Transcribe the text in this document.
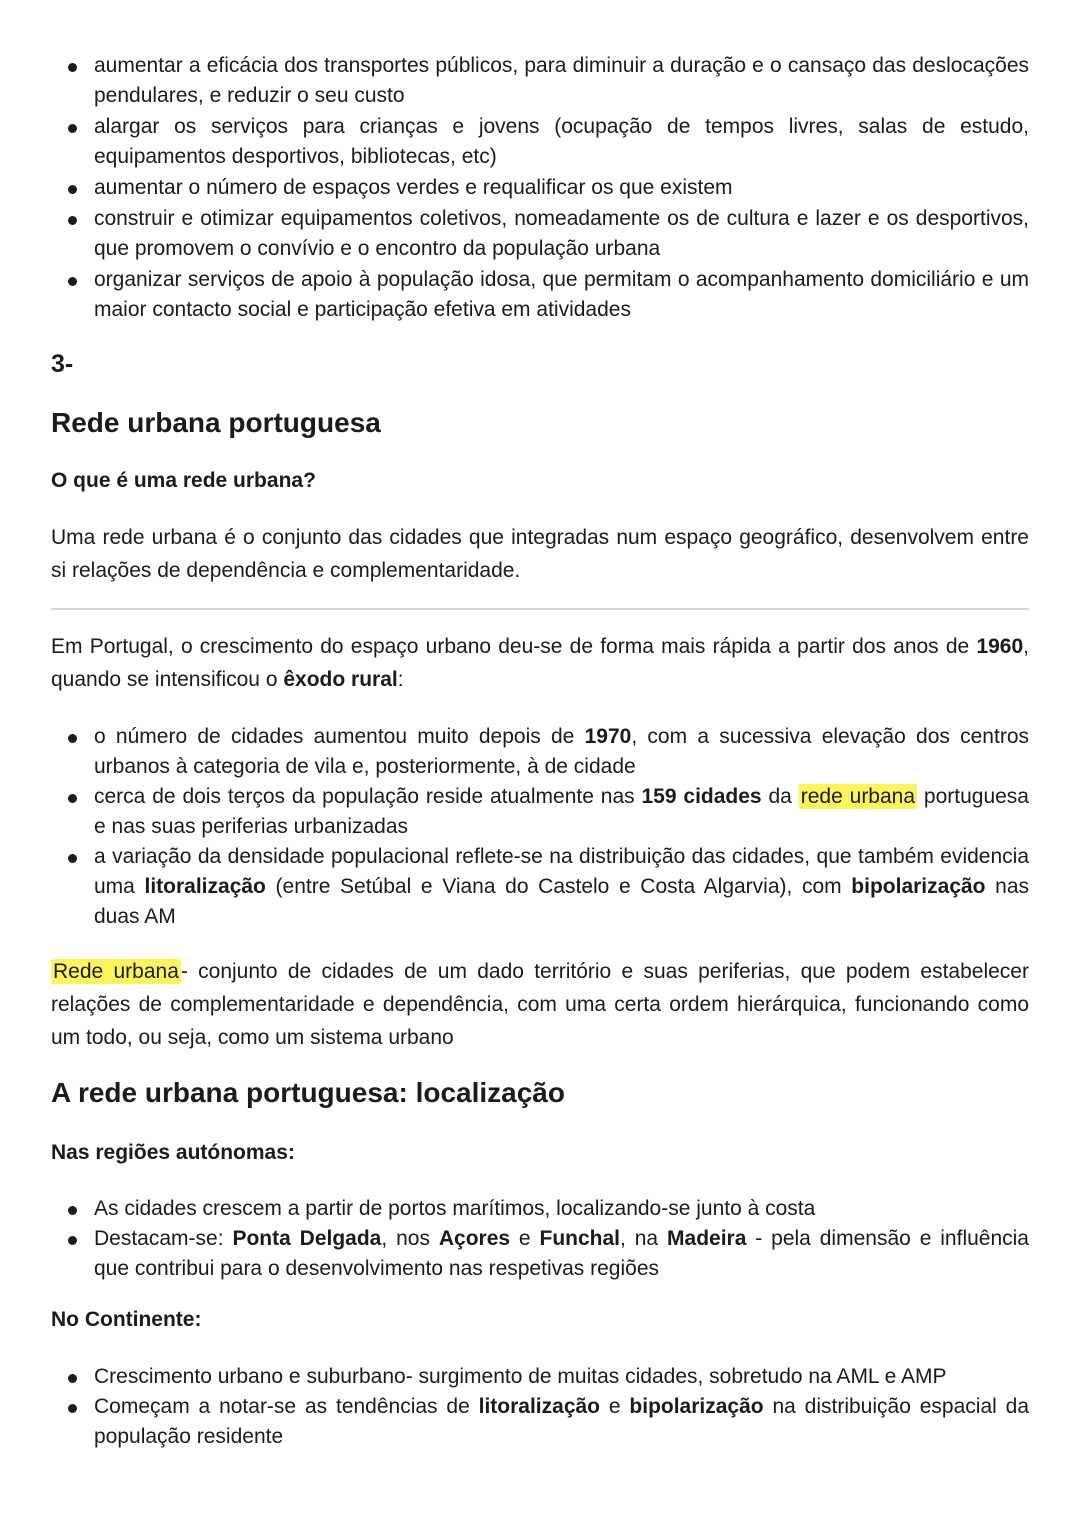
aumentar a eficácia dos transportes públicos, para diminuir a duração e o cansaço das deslocações pendulares, e reduzir o seu custo
alargar os serviços para crianças e jovens (ocupação de tempos livres, salas de estudo, equipamentos desportivos, bibliotecas, etc)
aumentar o número de espaços verdes e requalificar os que existem
construir e otimizar equipamentos coletivos, nomeadamente os de cultura e lazer e os desportivos, que promovem o convívio e o encontro da população urbana
organizar serviços de apoio à população idosa, que permitam o acompanhamento domiciliário e um maior contacto social e participação efetiva em atividades
3-
Rede urbana portuguesa
O que é uma rede urbana?

Uma rede urbana é o conjunto das cidades que integradas num espaço geográfico, desenvolvem entre si relações de dependência e complementaridade.

Em Portugal, o crescimento do espaço urbano deu-se de forma mais rápida a partir dos anos de 1960, quando se intensificou o êxodo rural:

o número de cidades aumentou muito depois de 1970, com a sucessiva elevação dos centros urbanos à categoria de vila e, posteriormente, à de cidade
cerca de dois terços da população reside atualmente nas 159 cidades da rede urbana portuguesa e nas suas periferias urbanizadas
a variação da densidade populacional reflete-se na distribuição das cidades, que também evidencia uma litoralização (entre Setúbal e Viana do Castelo e Costa Algarvia), com bipolarização nas duas AM

Rede urbana- conjunto de cidades de um dado território e suas periferias, que podem estabelecer relações de complementaridade e dependência, com uma certa ordem hierárquica, funcionando como um todo, ou seja, como um sistema urbano

A rede urbana portuguesa: localização
Nas regiões autónomas:
As cidades crescem a partir de portos marítimos, localizando-se junto à costa
Destacam-se: Ponta Delgada, nos Açores e Funchal, na Madeira - pela dimensão e influência que contribui para o desenvolvimento nas respetivas regiões
No Continente:
Crescimento urbano e suburbano- surgimento de muitas cidades, sobretudo na AML e AMP
Começam a notar-se as tendências de litoralização e bipolarização na distribuição espacial da população residente
